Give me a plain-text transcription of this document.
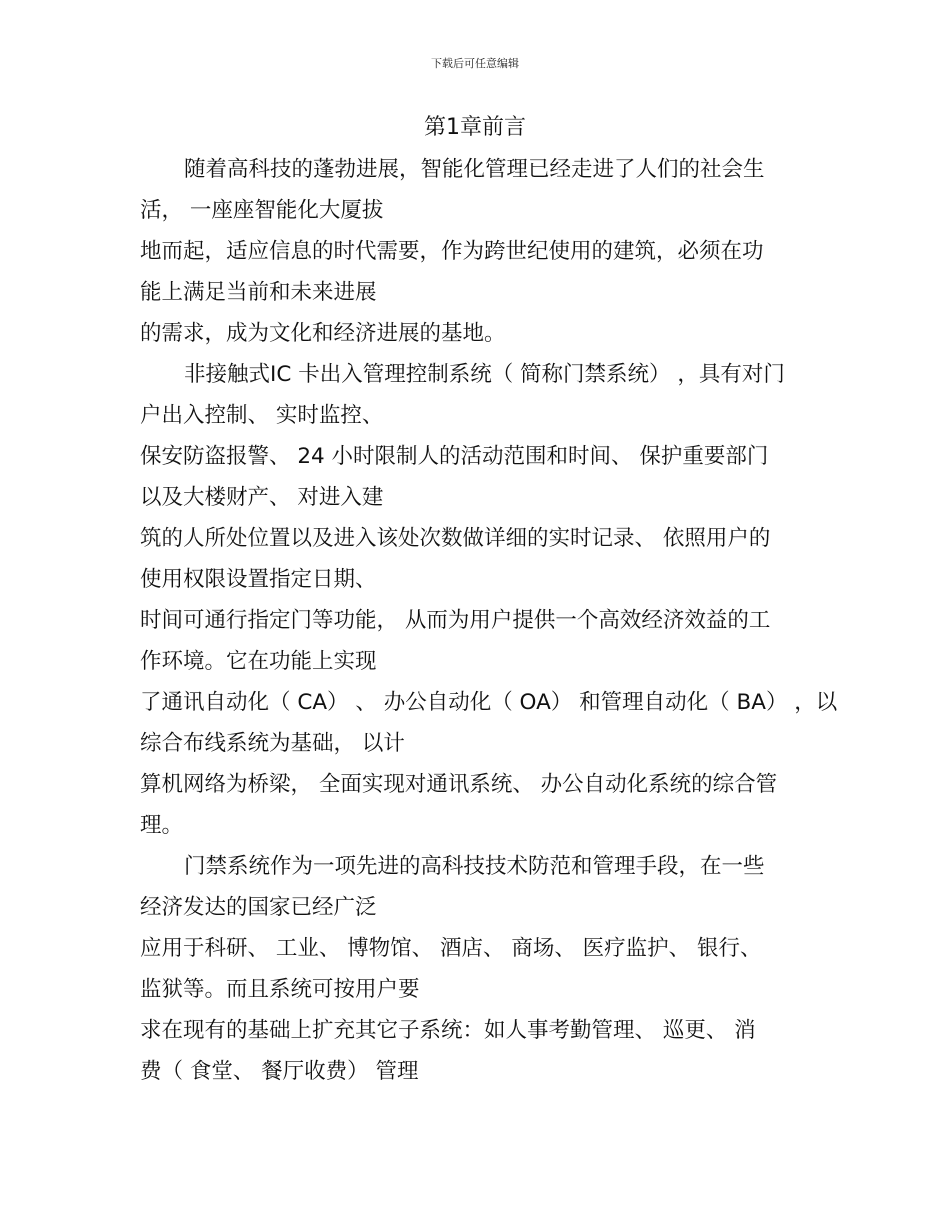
下载后可任意编辑
第1章前言
随着高科技的蓬勃进展，智能化管理已经走进了人们的社会生
活， 一座座智能化大厦拔
地而起，适应信息的时代需要，作为跨世纪使用的建筑，必须在功
能上满足当前和未来进展
的需求，成为文化和经济进展的基地。
非接触式IC 卡出入管理控制系统（ 简称门禁系统） ，具有对门
户出入控制、 实时监控、
保安防盗报警、 24 小时限制人的活动范围和时间、 保护重要部门
以及大楼财产、 对进入建
筑的人所处位置以及进入该处次数做详细的实时记录、 依照用户的
使用权限设置指定日期、
时间可通行指定门等功能， 从而为用户提供一个高效经济效益的工
作环境。它在功能上实现
了通讯自动化（ CA） 、 办公自动化（ OA） 和管理自动化（ BA） ，以
综合布线系统为基础， 以计
算机网络为桥梁， 全面实现对通讯系统、 办公自动化系统的综合管
理。
门禁系统作为一项先进的高科技技术防范和管理手段，在一些
经济发达的国家已经广泛
应用于科研、 工业、 博物馆、 酒店、 商场、 医疗监护、 银行、
监狱等。而且系统可按用户要
求在现有的基础上扩充其它子系统：如人事考勤管理、 巡更、 消
费（ 食堂、 餐厅收费） 管理
